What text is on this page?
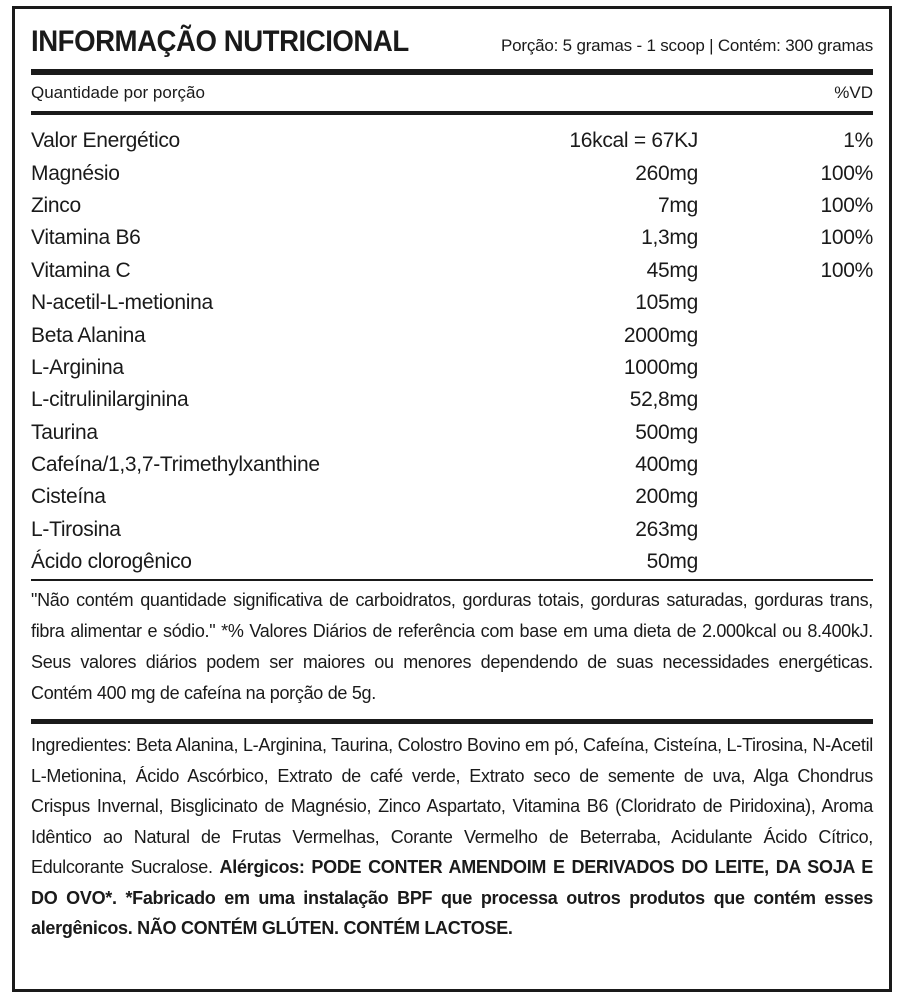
INFORMAÇÃO NUTRICIONAL	Porção: 5 gramas - 1 scoop | Contém: 300 gramas
Quantidade por porção	%VD
Valor Energético	16kcal = 67KJ	1%
Magnésio	260mg	100%
Zinco	7mg	100%
Vitamina B6	1,3mg	100%
Vitamina C	45mg	100%
N-acetil-L-metionina	105mg
Beta Alanina	2000mg
L-Arginina	1000mg
L-citrulinilarginina	52,8mg
Taurina	500mg
Cafeína/1,3,7-Trimethylxanthine	400mg
Cisteína	200mg
L-Tirosina	263mg
Ácido clorogênico	50mg
"Não contém quantidade significativa de carboidratos, gorduras totais, gorduras saturadas, gorduras trans, fibra alimentar e sódio." *% Valores Diários de referência com base em uma dieta de 2.000kcal ou 8.400kJ. Seus valores diários podem ser maiores ou menores dependendo de suas necessidades energéticas. Contém 400 mg de cafeína na porção de 5g.
Ingredientes: Beta Alanina, L-Arginina, Taurina, Colostro Bovino em pó, Cafeína, Cisteína, L-Tirosina, N-Acetil L-Metionina, Ácido Ascórbico, Extrato de café verde, Extrato seco de semente de uva, Alga Chondrus Crispus Invernal, Bisglicinato de Magnésio, Zinco Aspartato, Vitamina B6 (Cloridrato de Piridoxina), Aroma Idêntico ao Natural de Frutas Vermelhas, Corante Vermelho de Beterraba, Acidulante Ácido Cítrico, Edulcorante Sucralose. Alérgicos: PODE CONTER AMENDOIM E DERIVADOS DO LEITE, DA SOJA E DO OVO*. *Fabricado em uma instalação BPF que processa outros produtos que contém esses alergênicos. NÃO CONTÉM GLÚTEN. CONTÉM LACTOSE.
